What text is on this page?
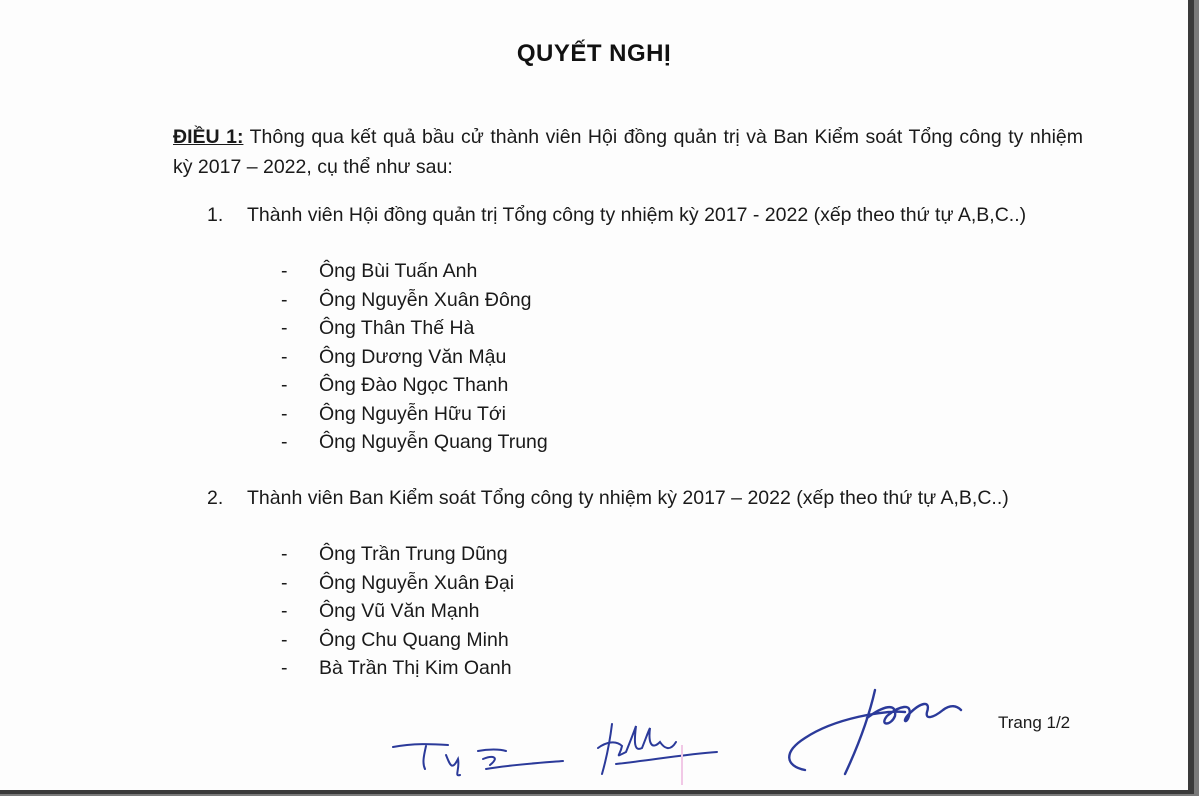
QUYẾT NGHỊ
ĐIỀU 1: Thông qua kết quả bầu cử thành viên Hội đồng quản trị và Ban Kiểm soát Tổng công ty nhiệm kỳ 2017 – 2022, cụ thể như sau:
1. Thành viên Hội đồng quản trị Tổng công ty nhiệm kỳ 2017 - 2022 (xếp theo thứ tự A,B,C..)
- Ông Bùi Tuấn Anh
- Ông Nguyễn Xuân Đông
- Ông Thân Thế Hà
- Ông Dương Văn Mậu
- Ông Đào Ngọc Thanh
- Ông Nguyễn Hữu Tới
- Ông Nguyễn Quang Trung
2. Thành viên Ban Kiểm soát Tổng công ty nhiệm kỳ 2017 – 2022 (xếp theo thứ tự A,B,C..)
- Ông Trần Trung Dũng
- Ông Nguyễn Xuân Đại
- Ông Vũ Văn Mạnh
- Ông Chu Quang Minh
- Bà Trần Thị Kim Oanh
Trang 1/2
